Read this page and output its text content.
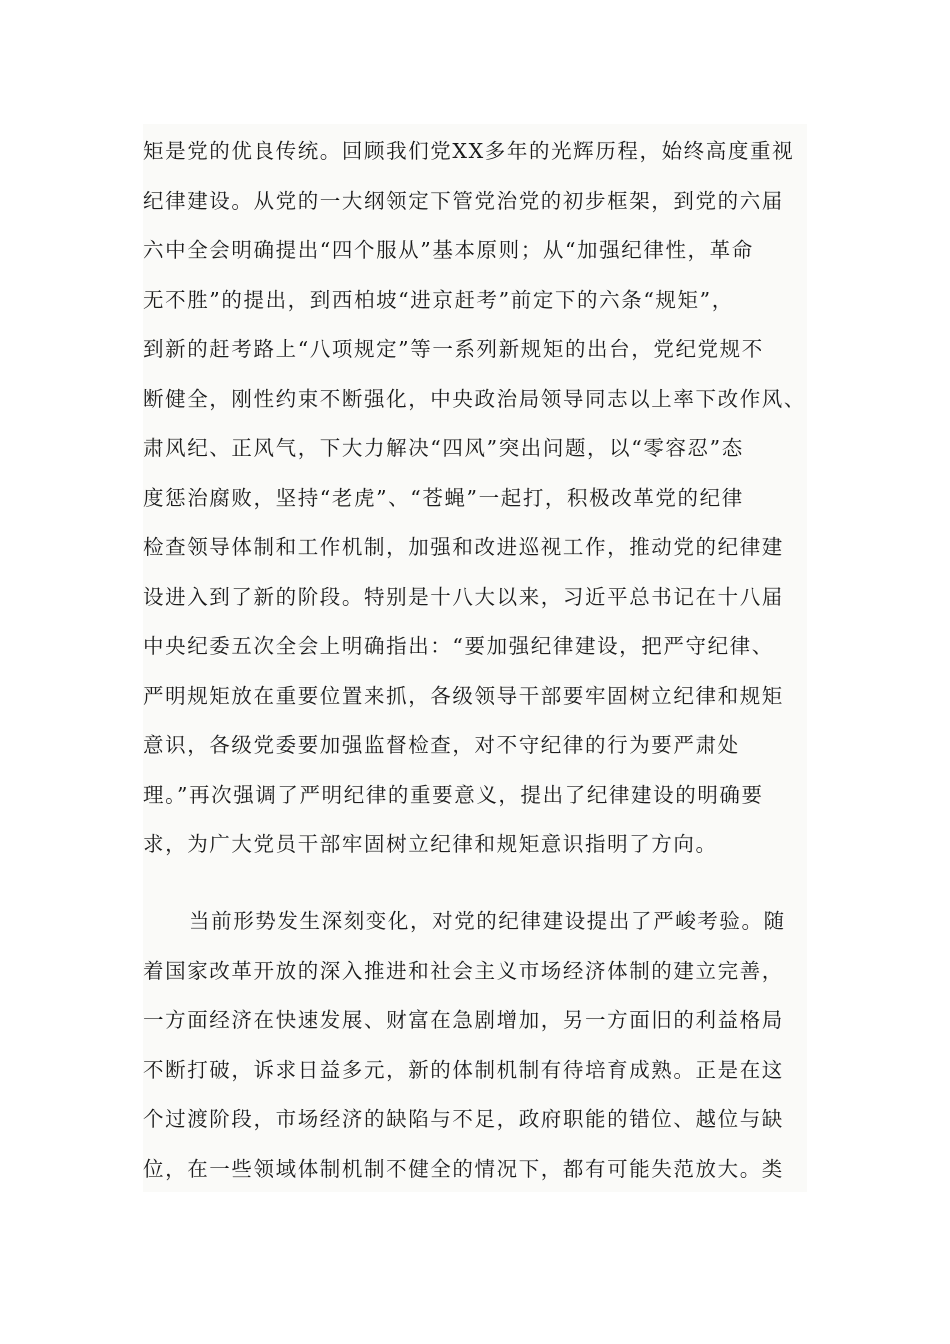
矩是党的优良传统。回顾我们党XX多年的光辉历程，始终高度重视
纪律建设。从党的一大纲领定下管党治党的初步框架，到党的六届
六中全会明确提出“四个服从”基本原则；从“加强纪律性，革命
无不胜”的提出，到西柏坡“进京赶考”前定下的六条“规矩”，
到新的赶考路上“八项规定”等一系列新规矩的出台，党纪党规不
断健全，刚性约束不断强化，中央政治局领导同志以上率下改作风、
肃风纪、正风气，下大力解决“四风”突出问题，以“零容忍”态
度惩治腐败，坚持“老虎”、“苍蝇”一起打，积极改革党的纪律
检查领导体制和工作机制，加强和改进巡视工作，推动党的纪律建
设进入到了新的阶段。特别是十八大以来，习近平总书记在十八届
中央纪委五次全会上明确指出：“要加强纪律建设，把严守纪律、
严明规矩放在重要位置来抓，各级领导干部要牢固树立纪律和规矩
意识，各级党委要加强监督检查，对不守纪律的行为要严肃处
理。”再次强调了严明纪律的重要意义，提出了纪律建设的明确要
求，为广大党员干部牢固树立纪律和规矩意识指明了方向。
当前形势发生深刻变化，对党的纪律建设提出了严峻考验。随
着国家改革开放的深入推进和社会主义市场经济体制的建立完善，
一方面经济在快速发展、财富在急剧增加，另一方面旧的利益格局
不断打破，诉求日益多元，新的体制机制有待培育成熟。正是在这
个过渡阶段，市场经济的缺陷与不足，政府职能的错位、越位与缺
位，在一些领域体制机制不健全的情况下，都有可能失范放大。类
